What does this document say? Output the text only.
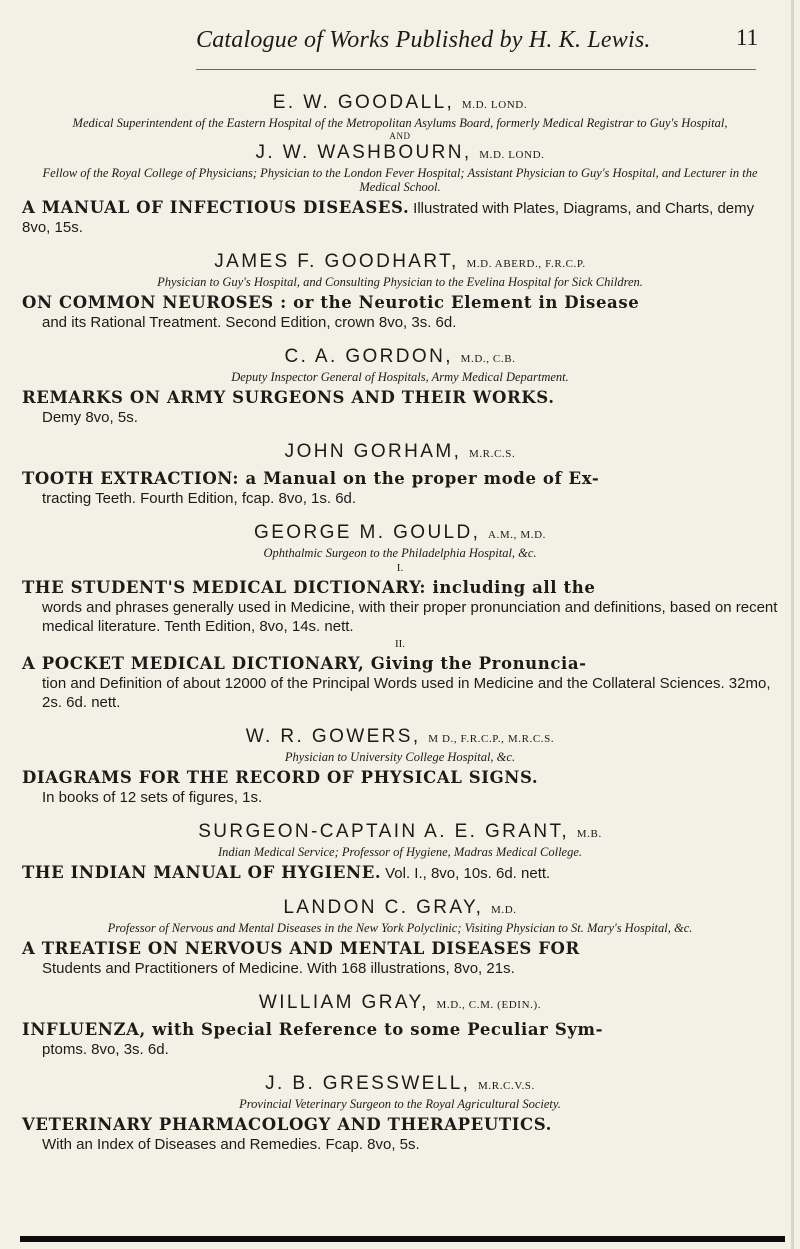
Catalogue of Works Published by H. K. Lewis.	11
E. W. GOODALL, M.D. LOND.
Medical Superintendent of the Eastern Hospital of the Metropolitan Asylums Board, formerly Medical Registrar to Guy's Hospital,
AND
J. W. WASHBOURN, M.D. LOND.
Fellow of the Royal College of Physicians; Physician to the London Fever Hospital; Assistant Physician to Guy's Hospital, and Lecturer in the Medical School.
A MANUAL OF INFECTIOUS DISEASES. Illustrated with Plates, Diagrams, and Charts, demy 8vo, 15s.
JAMES F. GOODHART, M.D. ABERD., F.R.C.P.
Physician to Guy's Hospital, and Consulting Physician to the Evelina Hospital for Sick Children.
ON COMMON NEUROSES : or the Neurotic Element in Disease
and its Rational Treatment. Second Edition, crown 8vo, 3s. 6d.
C. A. GORDON, M.D., C.B.
Deputy Inspector General of Hospitals, Army Medical Department.
REMARKS ON ARMY SURGEONS AND THEIR WORKS.
Demy 8vo, 5s.
JOHN GORHAM, M.R.C.S.
TOOTH EXTRACTION: a Manual on the proper mode of Ex-
tracting Teeth. Fourth Edition, fcap. 8vo, 1s. 6d.
GEORGE M. GOULD, A.M., M.D.
Ophthalmic Surgeon to the Philadelphia Hospital, &c.
I.
THE STUDENT'S MEDICAL DICTIONARY: including all the
words and phrases generally used in Medicine, with their proper pronunciation and definitions, based on recent medical literature. Tenth Edition, 8vo, 14s. nett.
II.
A POCKET MEDICAL DICTIONARY, Giving the Pronuncia-
tion and Definition of about 12000 of the Principal Words used in Medicine and the Collateral Sciences. 32mo, 2s. 6d. nett.
W. R. GOWERS, M D., F.R.C.P., M.R.C.S.
Physician to University College Hospital, &c.
DIAGRAMS FOR THE RECORD OF PHYSICAL SIGNS.
In books of 12 sets of figures, 1s.
SURGEON-CAPTAIN A. E. GRANT, M.B.
Indian Medical Service; Professor of Hygiene, Madras Medical College.
THE INDIAN MANUAL OF HYGIENE. Vol. I., 8vo, 10s. 6d. nett.
LANDON C. GRAY, M.D.
Professor of Nervous and Mental Diseases in the New York Polyclinic; Visiting Physician to St. Mary's Hospital, &c.
A TREATISE ON NERVOUS AND MENTAL DISEASES FOR
Students and Practitioners of Medicine. With 168 illustrations, 8vo, 21s.
WILLIAM GRAY, M.D., C.M. (EDIN.).
INFLUENZA, with Special Reference to some Peculiar Sym-
ptoms. 8vo, 3s. 6d.
J. B. GRESSWELL, M.R.C.V.S.
Provincial Veterinary Surgeon to the Royal Agricultural Society.
VETERINARY PHARMACOLOGY AND THERAPEUTICS.
With an Index of Diseases and Remedies. Fcap. 8vo, 5s.
